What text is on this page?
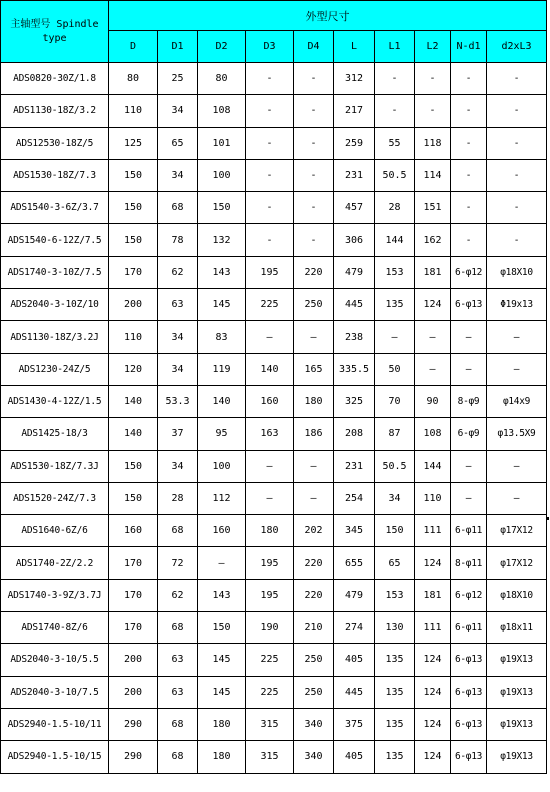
主轴型号 Spindle type	外型尺寸									
	D	D1	D2	D3	D4	L	L1	L2	N-d1	d2xL3
ADS0820-30Z/1.8	80	25	80	-	-	312	-	-	-	-
ADS1130-18Z/3.2	110	34	108	-	-	217	-	-	-	-
ADS12530-18Z/5	125	65	101	-	-	259	55	118	-	-
ADS1530-18Z/7.3	150	34	100	-	-	231	50.5	114	-	-
ADS1540-3-6Z/3.7	150	68	150	-	-	457	28	151	-	-
ADS1540-6-12Z/7.5	150	78	132	-	-	306	144	162	-	-
ADS1740-3-10Z/7.5	170	62	143	195	220	479	153	181	6-φ12	φ18X10
ADS2040-3-10Z/10	200	63	145	225	250	445	135	124	6-φ13	Φ19x13
ADS1130-18Z/3.2J	110	34	83	—	—	238	—	—	—	—
ADS1230-24Z/5	120	34	119	140	165	335.5	50	—	—	—
ADS1430-4-12Z/1.5	140	53.3	140	160	180	325	70	90	8-φ9	φ14x9
ADS1425-18/3	140	37	95	163	186	208	87	108	6-φ9	φ13.5X9
ADS1530-18Z/7.3J	150	34	100	—	—	231	50.5	144	—	—
ADS1520-24Z/7.3	150	28	112	—	—	254	34	110	—	—
ADS1640-6Z/6	160	68	160	180	202	345	150	111	6-φ11	φ17X12
ADS1740-2Z/2.2	170	72	—	195	220	655	65	124	8-φ11	φ17X12
ADS1740-3-9Z/3.7J	170	62	143	195	220	479	153	181	6-φ12	φ18X10
ADS1740-8Z/6	170	68	150	190	210	274	130	111	6-φ11	φ18x11
ADS2040-3-10/5.5	200	63	145	225	250	405	135	124	6-φ13	φ19X13
ADS2040-3-10/7.5	200	63	145	225	250	445	135	124	6-φ13	φ19X13
ADS2940-1.5-10/11	290	68	180	315	340	375	135	124	6-φ13	φ19X13
ADS2940-1.5-10/15	290	68	180	315	340	405	135	124	6-φ13	φ19X13
